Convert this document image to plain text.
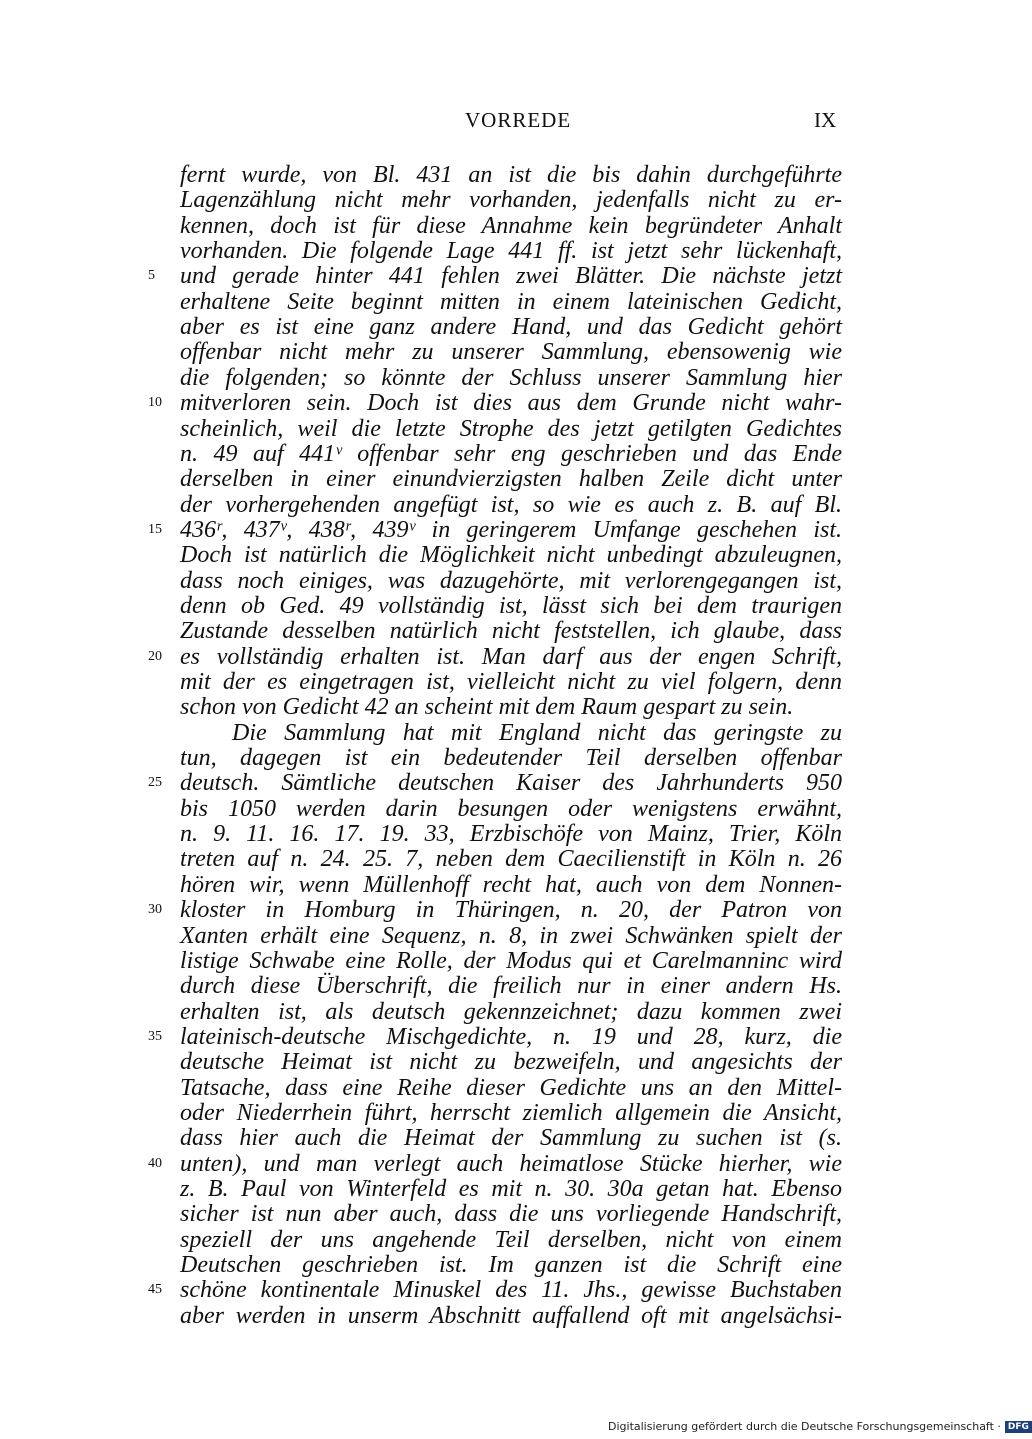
VORREDE	IX
fernt wurde, von Bl. 431 an ist die bis dahin durchgeführte
Lagenzählung nicht mehr vorhanden, jedenfalls nicht zu er-
kennen, doch ist für diese Annahme kein begründeter Anhalt
vorhanden. Die folgende Lage 441 ff. ist jetzt sehr lückenhaft,
5 und gerade hinter 441 fehlen zwei Blätter. Die nächste jetzt
erhaltene Seite beginnt mitten in einem lateinischen Gedicht,
aber es ist eine ganz andere Hand, und das Gedicht gehört
offenbar nicht mehr zu unserer Sammlung, ebensowenig wie
die folgenden; so könnte der Schluss unserer Sammlung hier
10 mitverloren sein. Doch ist dies aus dem Grunde nicht wahr-
scheinlich, weil die letzte Strophe des jetzt getilgten Gedichtes
n. 49 auf 441ᵛ offenbar sehr eng geschrieben und das Ende
derselben in einer einundvierzigsten halben Zeile dicht unter
der vorhergehenden angefügt ist, so wie es auch z. B. auf Bl.
15 436ʳ, 437ᵛ, 438ʳ, 439ᵛ in geringerem Umfange geschehen ist.
Doch ist natürlich die Möglichkeit nicht unbedingt abzuleugnen,
dass noch einiges, was dazugehörte, mit verlorengegangen ist,
denn ob Ged. 49 vollständig ist, lässt sich bei dem traurigen
Zustande desselben natürlich nicht feststellen, ich glaube, dass
20 es vollständig erhalten ist. Man darf aus der engen Schrift,
mit der es eingetragen ist, vielleicht nicht zu viel folgern, denn
schon von Gedicht 42 an scheint mit dem Raum gespart zu sein.
Die Sammlung hat mit England nicht das geringste zu
tun, dagegen ist ein bedeutender Teil derselben offenbar
25 deutsch. Sämtliche deutschen Kaiser des Jahrhunderts 950
bis 1050 werden darin besungen oder wenigstens erwähnt,
n. 9. 11. 16. 17. 19. 33, Erzbischöfe von Mainz, Trier, Köln
treten auf n. 24. 25. 7, neben dem Caecilienstift in Köln n. 26
hören wir, wenn Müllenhoff recht hat, auch von dem Nonnen-
30 kloster in Homburg in Thüringen, n. 20, der Patron von
Xanten erhält eine Sequenz, n. 8, in zwei Schwänken spielt der
listige Schwabe eine Rolle, der Modus qui et Carelmanninc wird
durch diese Überschrift, die freilich nur in einer andern Hs.
erhalten ist, als deutsch gekennzeichnet; dazu kommen zwei
35 lateinisch-deutsche Mischgedichte, n. 19 und 28, kurz, die
deutsche Heimat ist nicht zu bezweifeln, und angesichts der
Tatsache, dass eine Reihe dieser Gedichte uns an den Mittel-
oder Niederrhein führt, herrscht ziemlich allgemein die Ansicht,
dass hier auch die Heimat der Sammlung zu suchen ist (s.
40 unten), und man verlegt auch heimatlose Stücke hierher, wie
z. B. Paul von Winterfeld es mit n. 30. 30a getan hat. Ebenso
sicher ist nun aber auch, dass die uns vorliegende Handschrift,
speziell der uns angehende Teil derselben, nicht von einem
Deutschen geschrieben ist. Im ganzen ist die Schrift eine
45 schöne kontinentale Minuskel des 11. Jhs., gewisse Buchstaben
aber werden in unserm Abschnitt auffallend oft mit angelsächsi-
Digitalisierung gefördert durch die Deutsche Forschungsgemeinschaft · DFG
